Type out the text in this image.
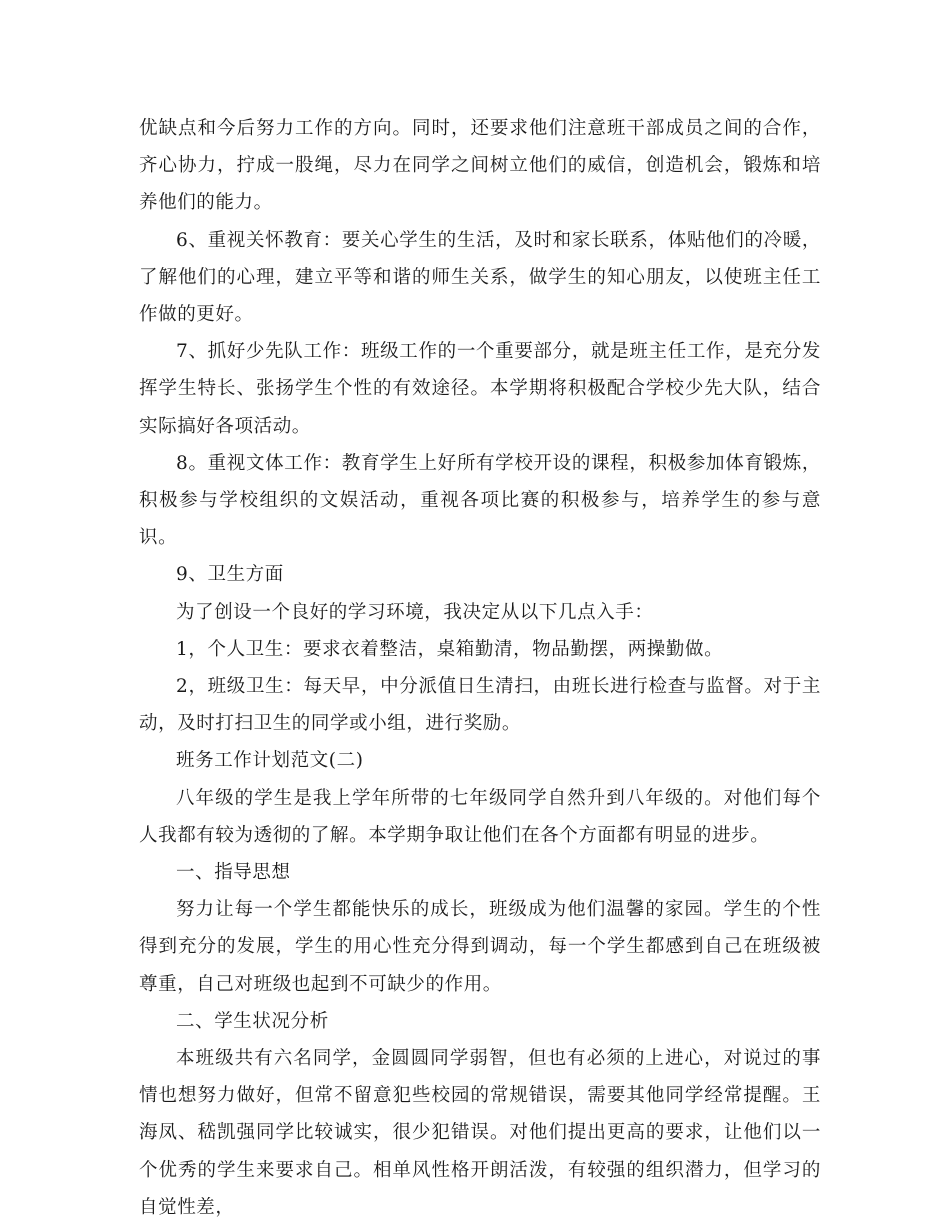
优缺点和今后努力工作的方向。同时，还要求他们注意班干部成员之间的合作，齐心协力，拧成一股绳，尽力在同学之间树立他们的威信，创造机会，锻炼和培养他们的能力。

6、重视关怀教育：要关心学生的生活，及时和家长联系，体贴他们的冷暖，了解他们的心理，建立平等和谐的师生关系，做学生的知心朋友，以使班主任工作做的更好。

7、抓好少先队工作：班级工作的一个重要部分，就是班主任工作，是充分发挥学生特长、张扬学生个性的有效途径。本学期将积极配合学校少先大队，结合实际搞好各项活动。

8。重视文体工作：教育学生上好所有学校开设的课程，积极参加体育锻炼，积极参与学校组织的文娱活动，重视各项比赛的积极参与，培养学生的参与意识。

9、卫生方面

为了创设一个良好的学习环境，我决定从以下几点入手：

1，个人卫生：要求衣着整洁，桌箱勤清，物品勤摆，两操勤做。

2，班级卫生：每天早，中分派值日生清扫，由班长进行检查与监督。对于主动，及时打扫卫生的同学或小组，进行奖励。

班务工作计划范文(二)

八年级的学生是我上学年所带的七年级同学自然升到八年级的。对他们每个人我都有较为透彻的了解。本学期争取让他们在各个方面都有明显的进步。

一、指导思想

努力让每一个学生都能快乐的成长，班级成为他们温馨的家园。学生的个性得到充分的发展，学生的用心性充分得到调动，每一个学生都感到自己在班级被尊重，自己对班级也起到不可缺少的作用。

二、学生状况分析

本班级共有六名同学，金圆圆同学弱智，但也有必须的上进心，对说过的事情也想努力做好，但常不留意犯些校园的常规错误，需要其他同学经常提醒。王海凤、嵇凯强同学比较诚实，很少犯错误。对他们提出更高的要求，让他们以一个优秀的学生来要求自己。相单风性格开朗活泼，有较强的组织潜力，但学习的自觉性差，
